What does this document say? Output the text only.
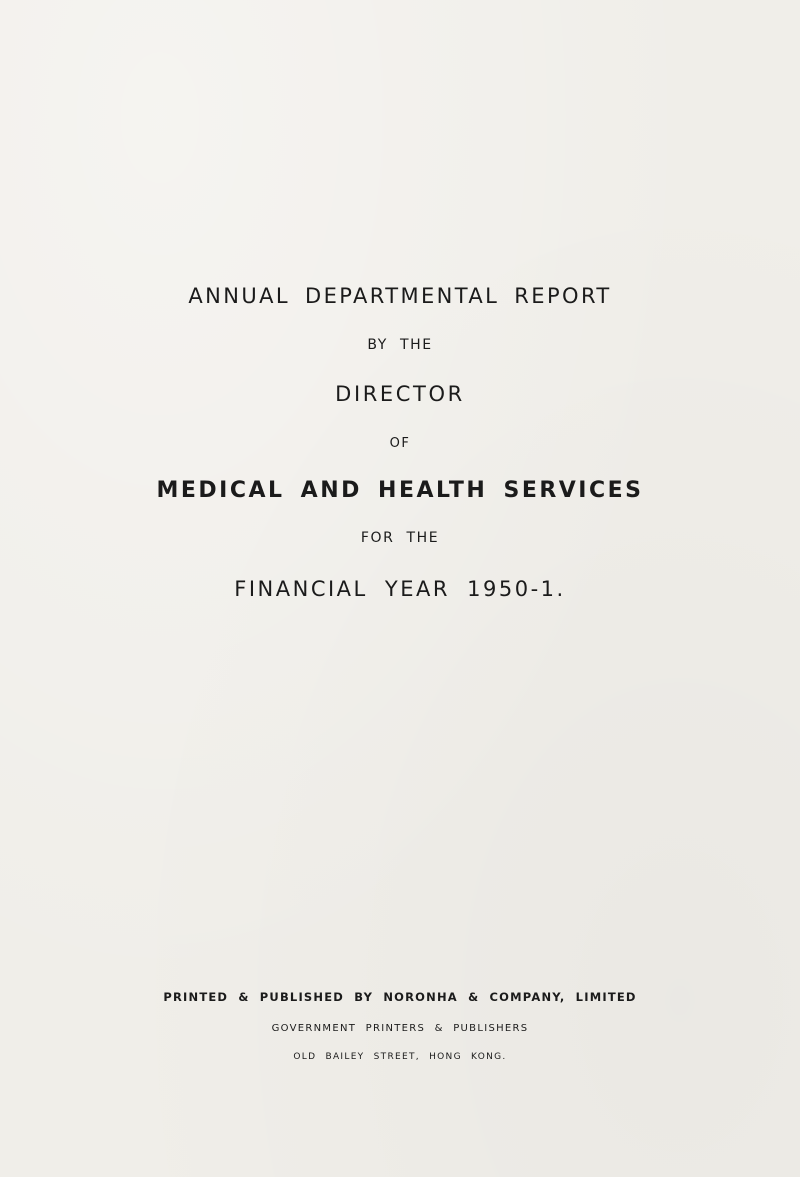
ANNUAL DEPARTMENTAL REPORT
BY THE
DIRECTOR
OF
MEDICAL AND HEALTH SERVICES
FOR THE
FINANCIAL YEAR 1950-1.
PRINTED & PUBLISHED BY NORONHA & COMPANY, LIMITED
GOVERNMENT PRINTERS & PUBLISHERS
OLD BAILEY STREET, HONG KONG.
